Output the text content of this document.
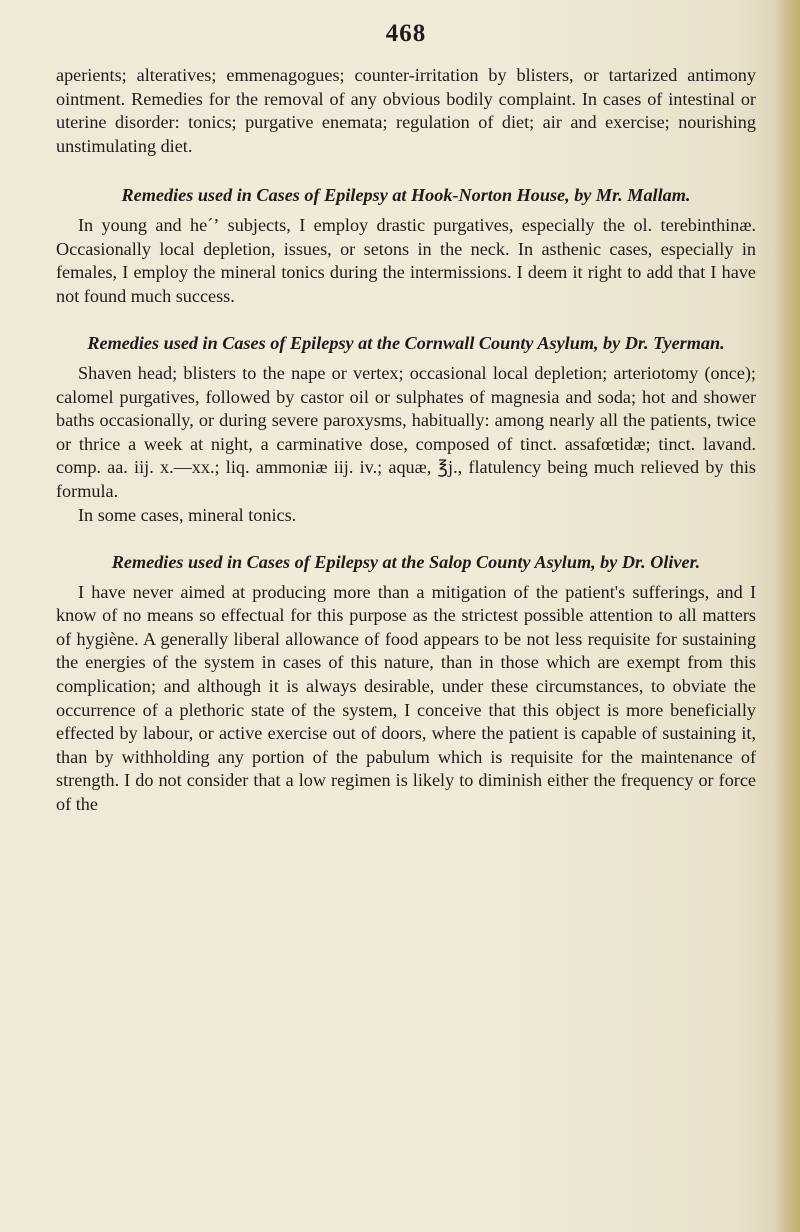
468

aperients; alteratives; emmenagogues; counter-irritation by blisters, or tartarized antimony ointment. Remedies for the removal of any obvious bodily complaint. In cases of intestinal or uterine disorder: tonics; purgative enemata; regulation of diet; air and exercise; nourishing unstimulating diet.

Remedies used in Cases of Epilepsy at Hook-Norton House, by Mr. Mallam.

In young and he´ʼ subjects, I employ drastic purgatives, especially the ol. terebinthinæ. Occasionally local depletion, issues, or setons in the neck. In asthenic cases, especially in females, I employ the mineral tonics during the intermissions. I deem it right to add that I have not found much success.

Remedies used in Cases of Epilepsy at the Cornwall County Asylum, by Dr. Tyerman.

Shaven head; blisters to the nape or vertex; occasional local depletion; arteriotomy (once); calomel purgatives, followed by castor oil or sulphates of magnesia and soda; hot and shower baths occasionally, or during severe paroxysms, habitually: among nearly all the patients, twice or thrice a week at night, a carminative dose, composed of tinct. assafœtidæ; tinct. lavand. comp. aa. iij. x.—xx.; liq. ammoniæ iij. iv.; aquæ, ℥j., flatulency being much relieved by this formula.

In some cases, mineral tonics.

Remedies used in Cases of Epilepsy at the Salop County Asylum, by Dr. Oliver.

I have never aimed at producing more than a mitigation of the patient's sufferings, and I know of no means so effectual for this purpose as the strictest possible attention to all matters of hygiène. A generally liberal allowance of food appears to be not less requisite for sustaining the energies of the system in cases of this nature, than in those which are exempt from this complication; and although it is always desirable, under these circumstances, to obviate the occurrence of a plethoric state of the system, I conceive that this object is more beneficially effected by labour, or active exercise out of doors, where the patient is capable of sustaining it, than by withholding any portion of the pabulum which is requisite for the maintenance of strength. I do not consider that a low regimen is likely to diminish either the frequency or force of the
